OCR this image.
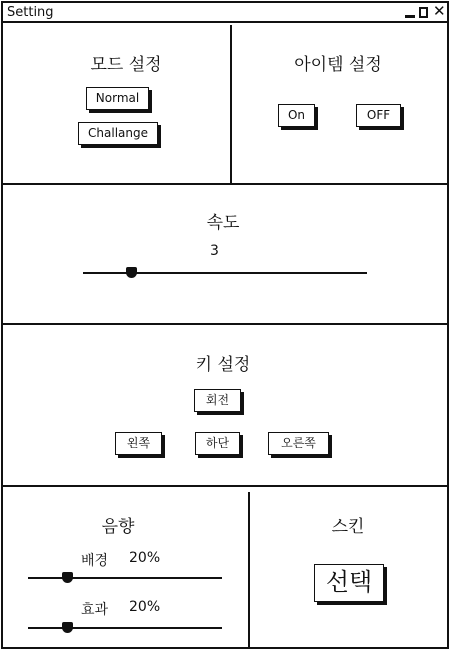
Setting	✕
모드 설정
Normal
Challange
아이템 설정
On	OFF
속도
3
키 설정
회전
왼쪽	하단	오른쪽
음향
배경 20%
효과 20%
스킨
선택
